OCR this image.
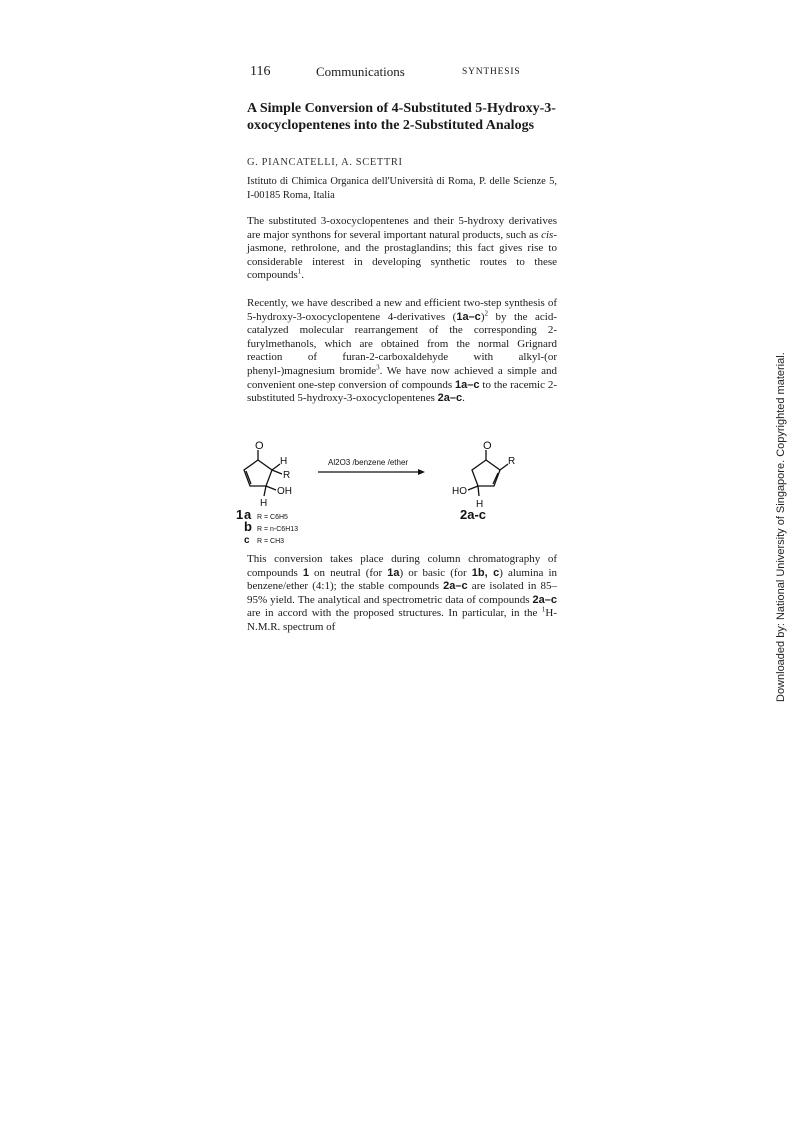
116	Communications	SYNTHESIS
A Simple Conversion of 4-Substituted 5-Hydroxy-3-oxocyclopentenes into the 2-Substituted Analogs
G. PIANCATELLI, A. SCETTRI
Istituto di Chimica Organica dell'Università di Roma, P. delle Scienze 5, I-00185 Roma, Italia
The substituted 3-oxocyclopentenes and their 5-hydroxy derivatives are major synthons for several important natural products, such as cis-jasmone, rethrolone, and the prostaglandins; this fact gives rise to considerable interest in developing synthetic routes to these compounds$^1$.
Recently, we have described a new and efficient two-step synthesis of 5-hydroxy-3-oxocyclopentene 4-derivatives $(1a-c)^2$ by the acid-catalyzed molecular rearrangement of the corresponding 2-furylmethanols, which are obtained from the normal Grignard reaction of furan-2-carboxaldehyde with alkyl-(or phenyl-)magnesium bromide$^3$. We have now achieved a simple and convenient one-step conversion of compounds 1a–c to the racemic 2-substituted 5-hydroxy-3-oxocyclopentenes 2a–c.
O
H
R
OH
H
Al2O3 /benzene /ether
O
R
HO
H
1	2a-c
a R = C6H5
b R = n-C6H13
c R = CH3
This conversion takes place during column chromatography of compounds 1 on neutral (for 1a) or basic (for 1b, c) alumina in benzene/ether (4:1); the stable compounds 2a–c are isolated in 85–95% yield. The analytical and spectrometric data of compounds 2a–c are in accord with the proposed structures. In particular, in the $^1$H-N.M.R. spectrum of	Downloaded by: National University of Singapore. Copyrighted material.
